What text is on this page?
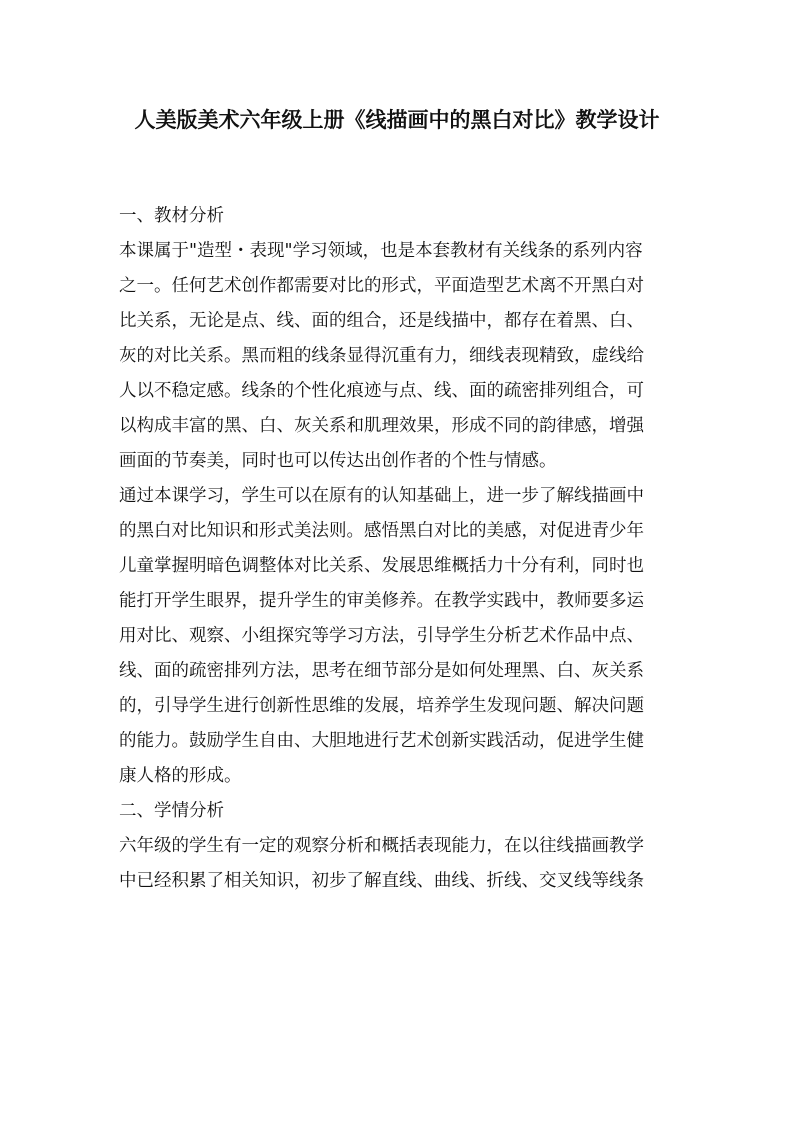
人美版美术六年级上册《线描画中的黑白对比》教学设计
一、教材分析
本课属于"造型・表现"学习领域，也是本套教材有关线条的系列内容
之一。任何艺术创作都需要对比的形式，平面造型艺术离不开黑白对
比关系，无论是点、线、面的组合，还是线描中，都存在着黑、白、
灰的对比关系。黑而粗的线条显得沉重有力，细线表现精致，虚线给
人以不稳定感。线条的个性化痕迹与点、线、面的疏密排列组合，可
以构成丰富的黑、白、灰关系和肌理效果，形成不同的韵律感，增强
画面的节奏美，同时也可以传达出创作者的个性与情感。
通过本课学习，学生可以在原有的认知基础上，进一步了解线描画中
的黑白对比知识和形式美法则。感悟黑白对比的美感，对促进青少年
儿童掌握明暗色调整体对比关系、发展思维概括力十分有利，同时也
能打开学生眼界，提升学生的审美修养。在教学实践中，教师要多运
用对比、观察、小组探究等学习方法，引导学生分析艺术作品中点、
线、面的疏密排列方法，思考在细节部分是如何处理黑、白、灰关系
的，引导学生进行创新性思维的发展，培养学生发现问题、解决问题
的能力。鼓励学生自由、大胆地进行艺术创新实践活动，促进学生健
康人格的形成。
二、学情分析
六年级的学生有一定的观察分析和概括表现能力，在以往线描画教学
中已经积累了相关知识，初步了解直线、曲线、折线、交叉线等线条
